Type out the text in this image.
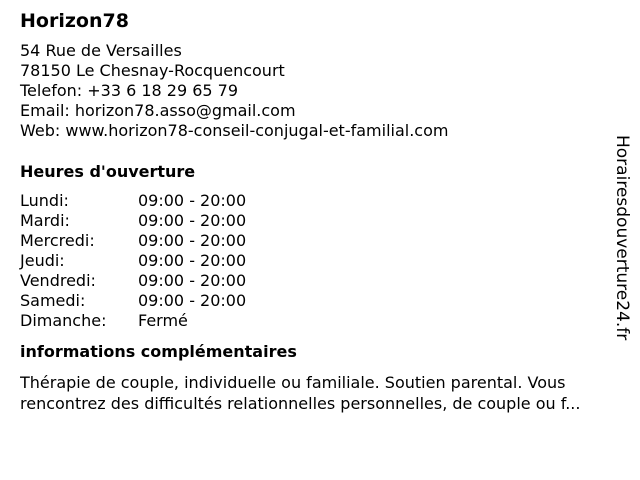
Horizon78
54 Rue de Versailles
78150 Le Chesnay-Rocquencourt
Telefon: +33 6 18 29 65 79
Email: horizon78.asso@gmail.com
Web: www.horizon78-conseil-conjugal-et-familial.com
Heures d'ouverture
Lundi:	09:00 - 20:00
Mardi:	09:00 - 20:00
Mercredi:	09:00 - 20:00
Jeudi:	09:00 - 20:00
Vendredi:	09:00 - 20:00
Samedi:	09:00 - 20:00
Dimanche:	Fermé
informations complémentaires
Thérapie de couple, individuelle ou familiale. Soutien parental. Vous
rencontrez des difficultés relationnelles personnelles, de couple ou f...
Horairesdouverture24.fr
